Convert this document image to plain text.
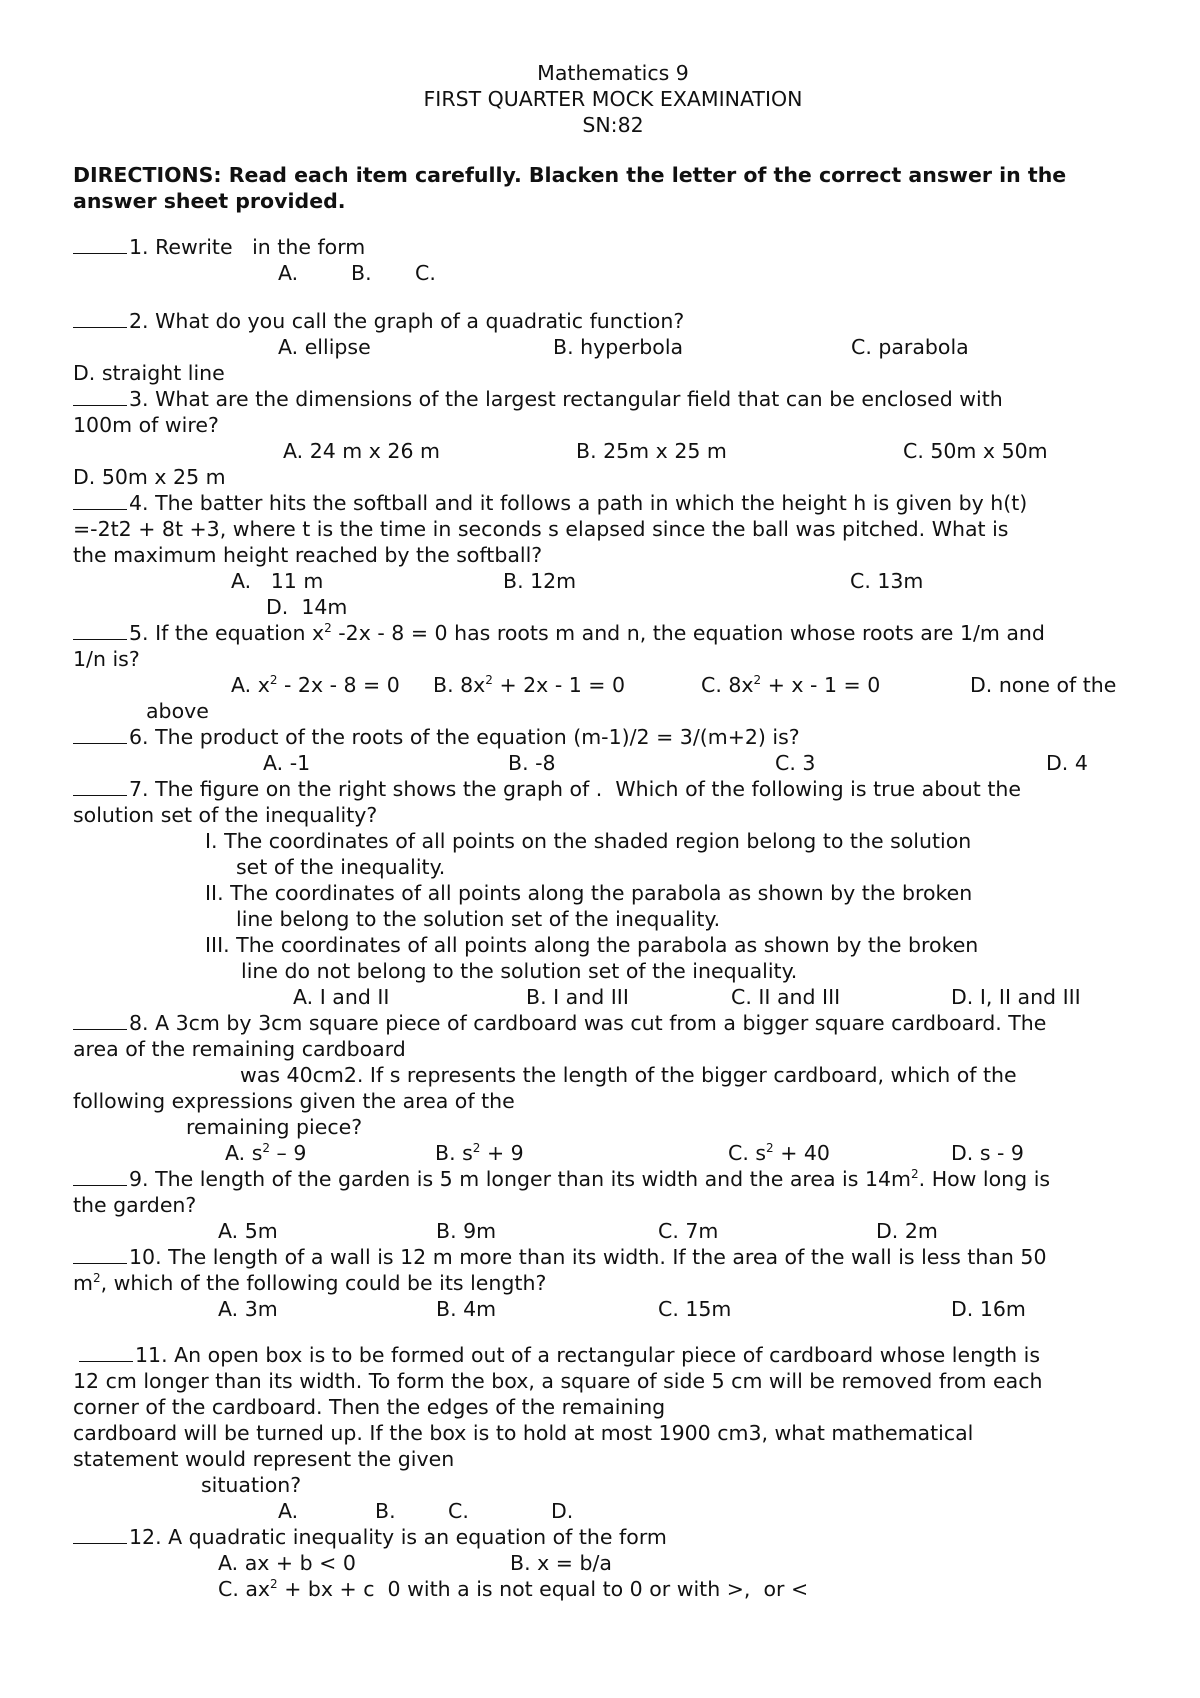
Mathematics 9
FIRST QUARTER MOCK EXAMINATION
SN:82
DIRECTIONS: Read each item carefully. Blacken the letter of the correct answer in the answer sheet provided.
1. Rewrite   in the form

A.

	B.

C.

2. What do you call the graph of a quadratic function?

A. ellipse

	B. hyperbola

	C. parabola

D. straight line
3. What are the dimensions of the largest rectangular field that can be enclosed with
100m of wire?

A. 24 m x 26 m

	B. 25m x 25 m

	C. 50m x 50m

D. 50m x 25 m
4. The batter hits the softball and it follows a path in which the height h is given by h(t)
=-2t2 + 8t +3, where t is the time in seconds s elapsed since the ball was pitched. What is
the maximum height reached by the softball?

A.   11 m

	B. 12m

	C. 13m

D.  14m

5. If the equation $x^2$ -2x - 8 = 0 has roots m and n, the equation whose roots are 1/m and
1/n is?

A. $x^2 - 2x - 8 = 0$

B. $8x^2 + 2x - 1 = 0$

	C. $8x^2 + x - 1 = 0$

	D. none of the

above

6. The product of the roots of the equation (m-1)/2 = 3/(m+2) is?

A. -1

	B. -8

	C. 3

	D. 4

7. The figure on the right shows the graph of .  Which of the following is true about the
solution set of the inequality?
I. The coordinates of all points on the shaded region belong to the solution
set of the inequality.
II. The coordinates of all points along the parabola as shown by the broken
line belong to the solution set of the inequality.
III. The coordinates of all points along the parabola as shown by the broken
line do not belong to the solution set of the inequality.

A. I and II

	B. I and III

	C. II and III

	D. I, II and III

8. A 3cm by 3cm square piece of cardboard was cut from a bigger square cardboard. The
area of the remaining cardboard
was 40cm2. If s represents the length of the bigger cardboard, which of the
following expressions given the area of the
remaining piece?

A. $s^2 - 9$

	B. $s^2 + 9$

	C. $s^2 + 40$

	D. s - 9

9. The length of the garden is 5 m longer than its width and the area is $14m^2$. How long is
the garden?

A. 5m

	B. 9m

	C. 7m

	D. 2m

10. The length of a wall is 12 m more than its width. If the area of the wall is less than 50
$m^2$, which of the following could be its length?

A. 3m

	B. 4m

	C. 15m

	D. 16m

11. An open box is to be formed out of a rectangular piece of cardboard whose length is
12 cm longer than its width. To form the box, a square of side 5 cm will be removed from each
corner of the cardboard. Then the edges of the remaining
cardboard will be turned up. If the box is to hold at most 1900 cm3, what mathematical
statement would represent the given
situation?

A.

	B.

	C.

	D.

12. A quadratic inequality is an equation of the form

A. ax + b < 0

	B. x = b/a

C. $ax^2$ + bx + c  0 with a is not equal to 0 or with >,  or <
